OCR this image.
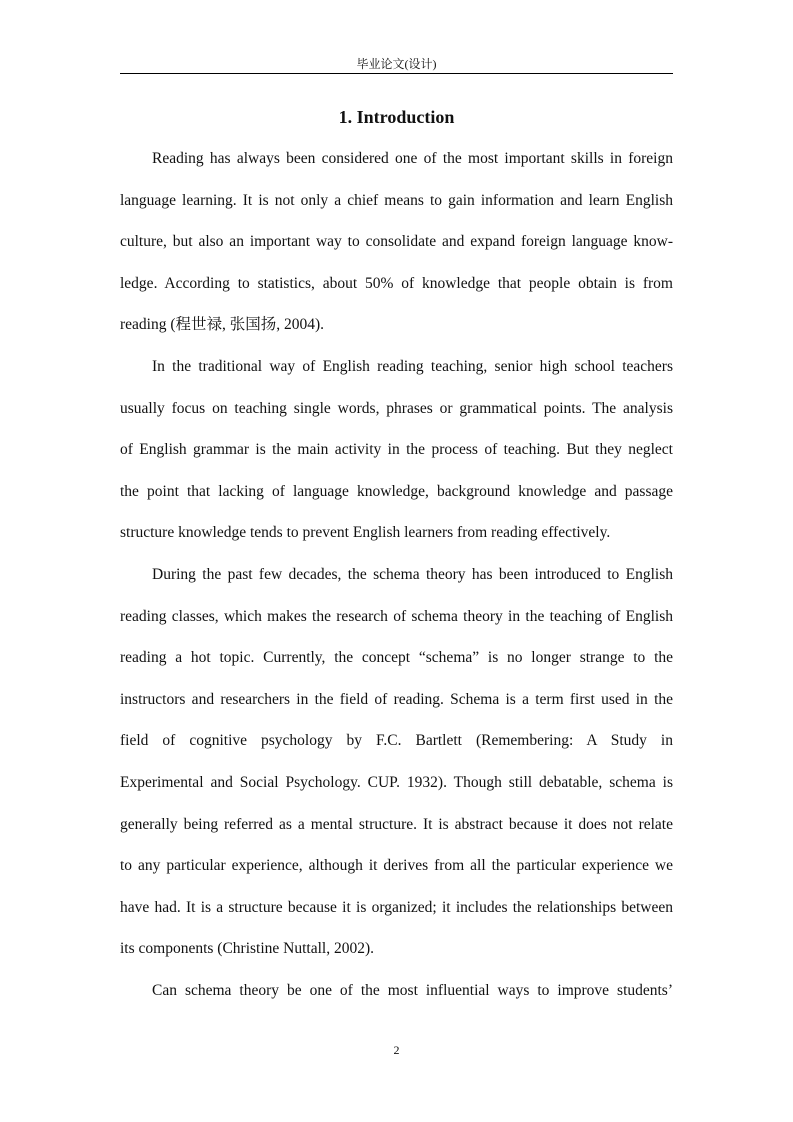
毕业论文(设计)
1. Introduction
Reading has always been considered one of the most important skills in foreign
language learning. It is not only a chief means to gain information and learn English
culture, but also an important way to consolidate and expand foreign language know-
ledge. According to statistics, about 50% of knowledge that people obtain is from
reading (程世禄, 张国扬, 2004).
In the traditional way of English reading teaching, senior high school teachers
usually focus on teaching single words, phrases or grammatical points. The analysis
of English grammar is the main activity in the process of teaching. But they neglect
the point that lacking of language knowledge, background knowledge and passage
structure knowledge tends to prevent English learners from reading effectively.
During the past few decades, the schema theory has been introduced to English
reading classes, which makes the research of schema theory in the teaching of English
reading a hot topic. Currently, the concept “schema” is no longer strange to the
instructors and researchers in the field of reading. Schema is a term first used in the
field of cognitive psychology by F.C. Bartlett (Remembering: A Study in
Experimental and Social Psychology. CUP. 1932). Though still debatable, schema is
generally being referred as a mental structure. It is abstract because it does not relate
to any particular experience, although it derives from all the particular experience we
have had. It is a structure because it is organized; it includes the relationships between
its components (Christine Nuttall, 2002).
Can schema theory be one of the most influential ways to improve students’
2
